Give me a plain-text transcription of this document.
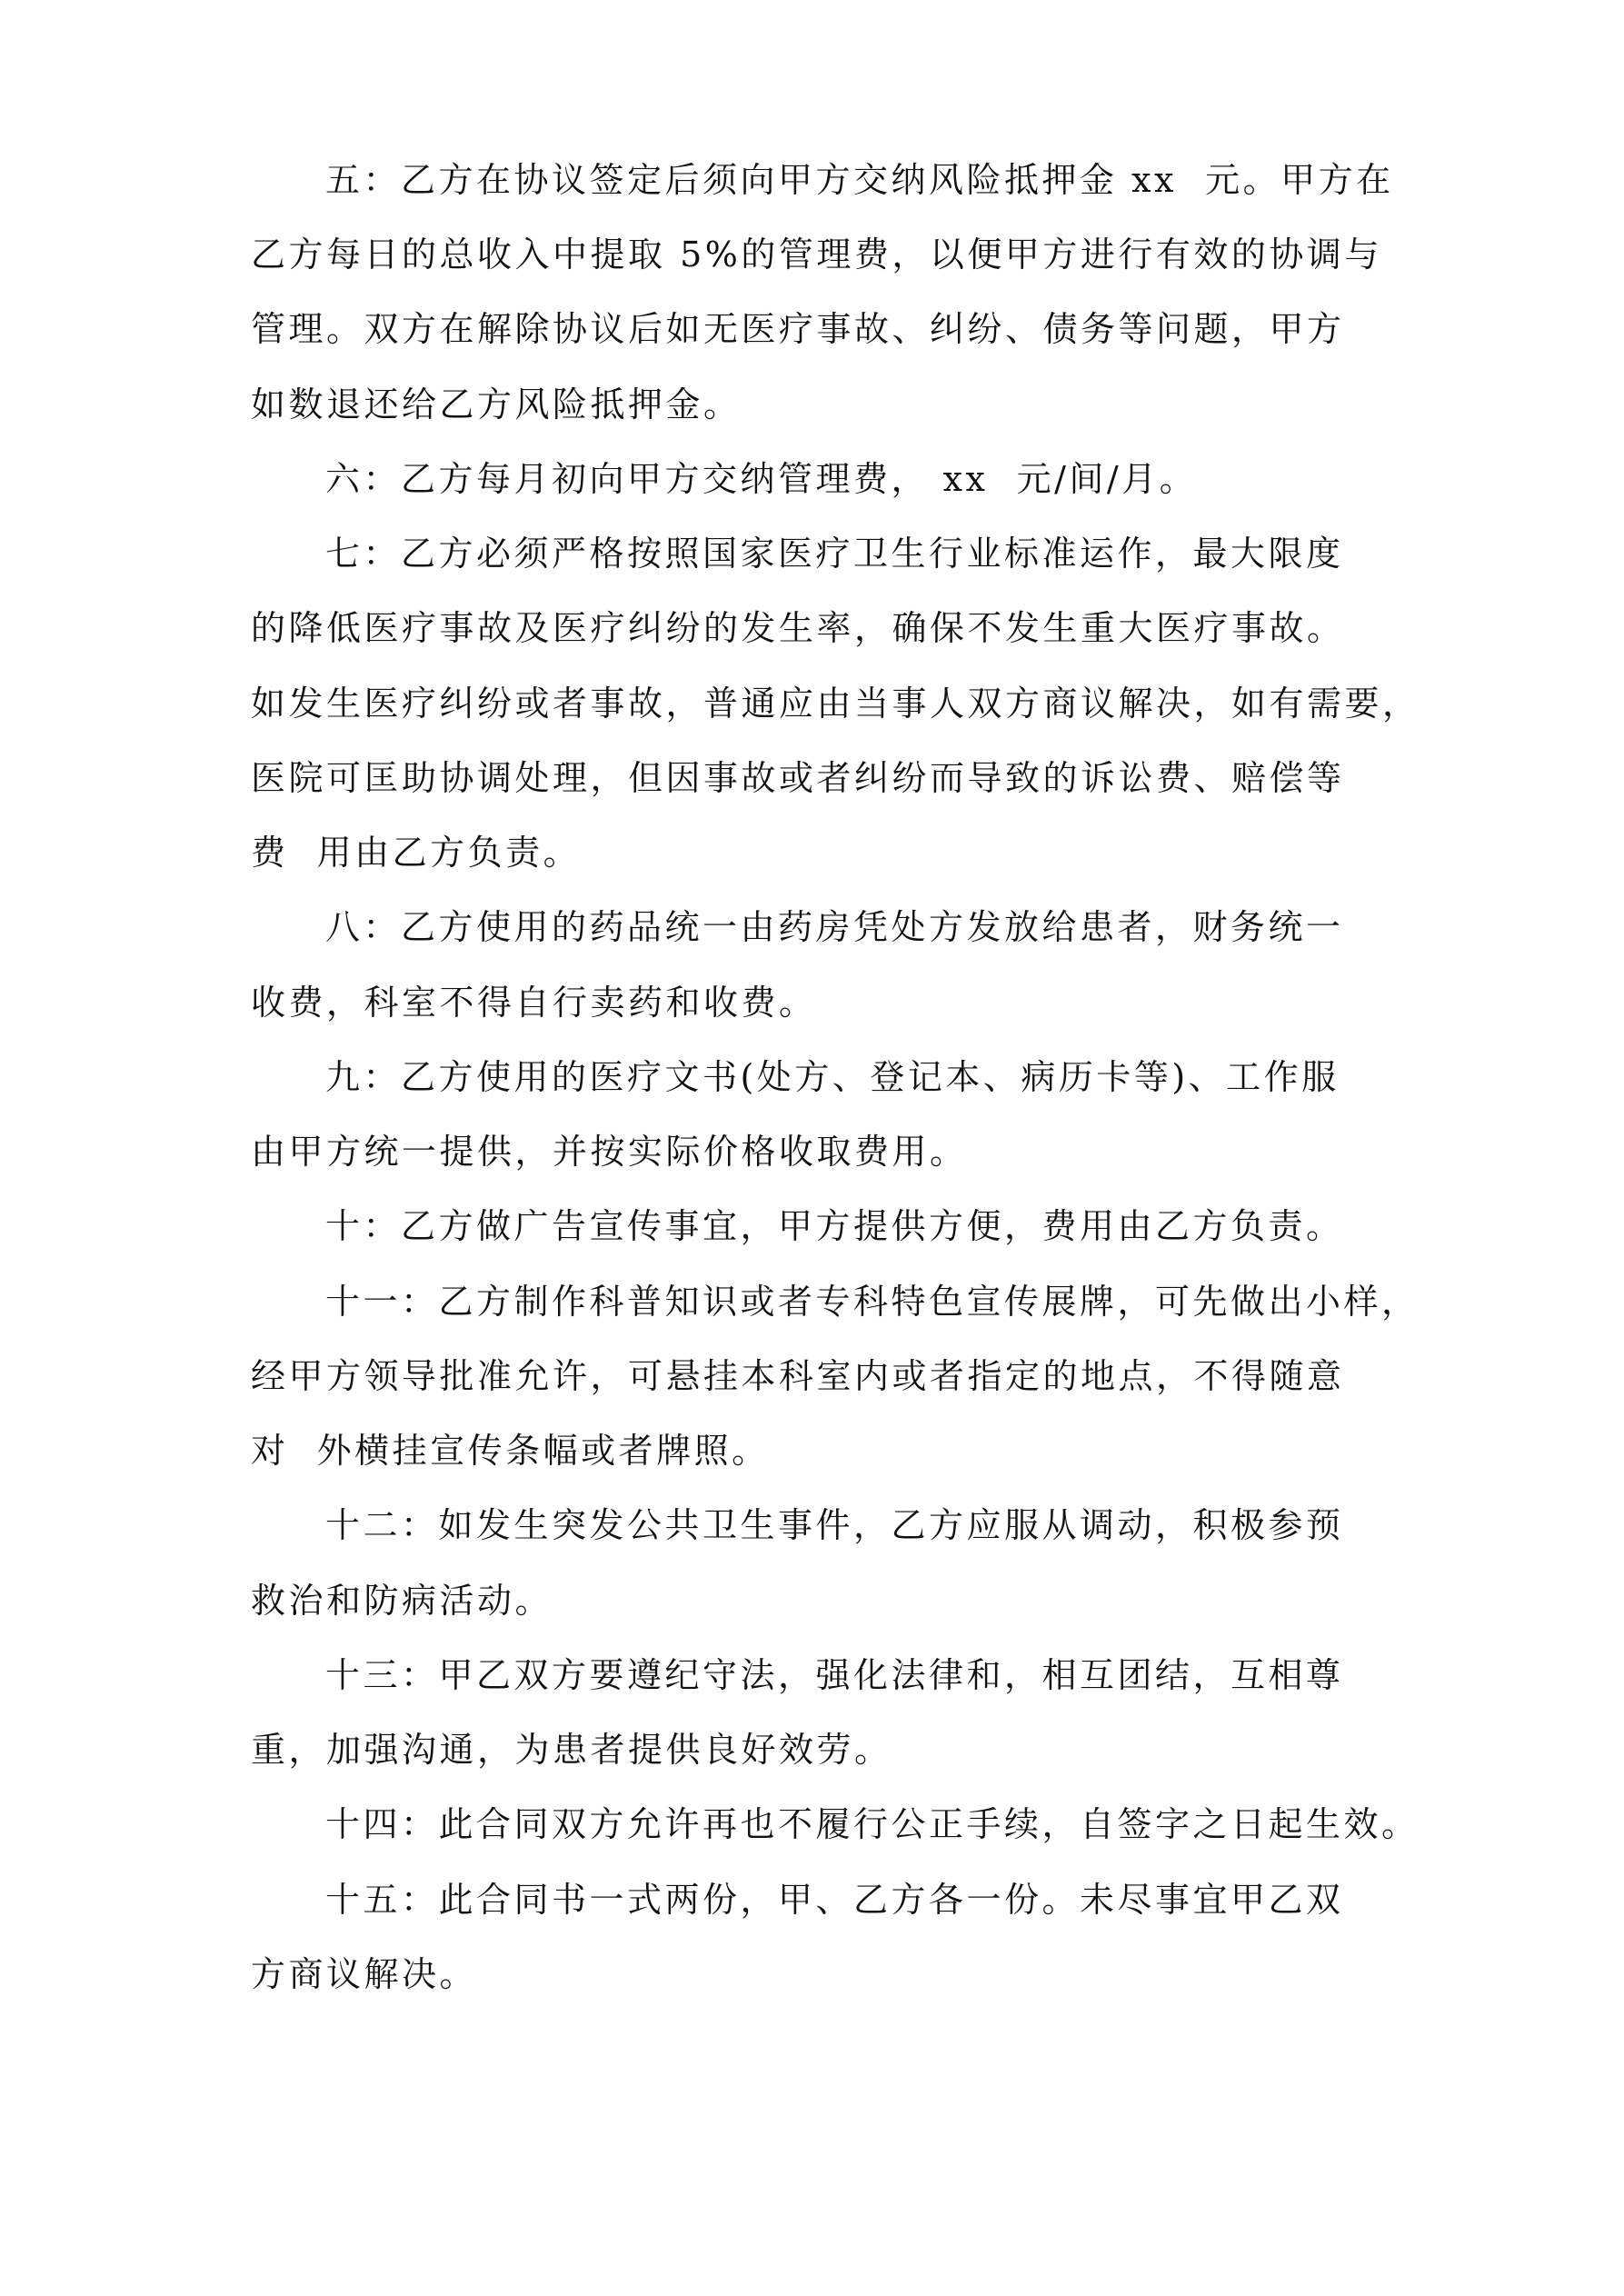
五：乙方在协议签定后须向甲方交纳风险抵押金 xx  元。甲方在

乙方每日的总收入中提取 5%的管理费，以便甲方进行有效的协调与

管理。双方在解除协议后如无医疗事故、纠纷、债务等问题，甲方

如数退还给乙方风险抵押金。

六：乙方每月初向甲方交纳管理费， xx  元/间/月。

七：乙方必须严格按照国家医疗卫生行业标准运作，最大限度

的降低医疗事故及医疗纠纷的发生率，确保不发生重大医疗事故。

如发生医疗纠纷或者事故，普通应由当事人双方商议解决，如有需要，

医院可匡助协调处理，但因事故或者纠纷而导致的诉讼费、赔偿等

费  用由乙方负责。

八：乙方使用的药品统一由药房凭处方发放给患者，财务统一

收费，科室不得自行卖药和收费。

九：乙方使用的医疗文书(处方、登记本、病历卡等)、工作服

由甲方统一提供，并按实际价格收取费用。

十：乙方做广告宣传事宜，甲方提供方便，费用由乙方负责。

十一：乙方制作科普知识或者专科特色宣传展牌，可先做出小样，

经甲方领导批准允许，可悬挂本科室内或者指定的地点，不得随意

对  外横挂宣传条幅或者牌照。

十二：如发生突发公共卫生事件，乙方应服从调动，积极参预

救治和防病活动。

十三：甲乙双方要遵纪守法，强化法律和，相互团结，互相尊

重，加强沟通，为患者提供良好效劳。

十四：此合同双方允许再也不履行公正手续，自签字之日起生效。

十五：此合同书一式两份，甲、乙方各一份。未尽事宜甲乙双

方商议解决。
